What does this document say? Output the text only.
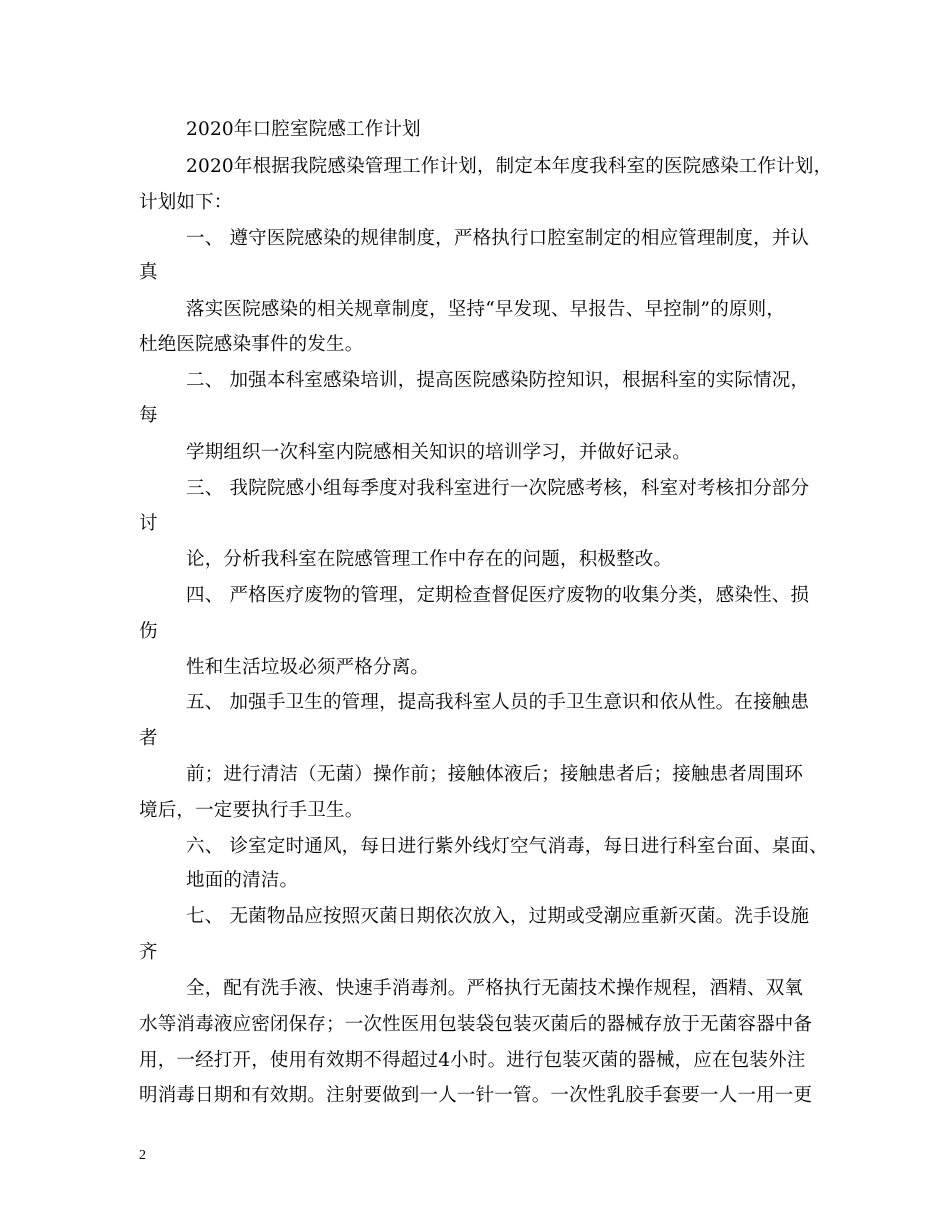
2020年口腔室院感工作计划
2020年根据我院感染管理工作计划，制定本年度我科室的医院感染工作计划，
计划如下：
一、 遵守医院感染的规律制度，严格执行口腔室制定的相应管理制度，并认
真
落实医院感染的相关规章制度，坚持“早发现、早报告、早控制”的原则，
杜绝医院感染事件的发生。
二、 加强本科室感染培训，提高医院感染防控知识，根据科室的实际情况，
每
学期组织一次科室内院感相关知识的培训学习，并做好记录。
三、 我院院感小组每季度对我科室进行一次院感考核，科室对考核扣分部分
讨
论，分析我科室在院感管理工作中存在的问题，积极整改。
四、 严格医疗废物的管理，定期检查督促医疗废物的收集分类，感染性、损
伤
性和生活垃圾必须严格分离。
五、 加强手卫生的管理，提高我科室人员的手卫生意识和依从性。在接触患
者
前；进行清洁（无菌）操作前；接触体液后；接触患者后；接触患者周围环
境后，一定要执行手卫生。
六、 诊室定时通风，每日进行紫外线灯空气消毒，每日进行科室台面、桌面、
地面的清洁。
七、 无菌物品应按照灭菌日期依次放入，过期或受潮应重新灭菌。洗手设施
齐
全，配有洗手液、快速手消毒剂。严格执行无菌技术操作规程，酒精、双氧
水等消毒液应密闭保存；一次性医用包装袋包装灭菌后的器械存放于无菌容器中备
用，一经打开，使用有效期不得超过4小时。进行包装灭菌的器械，应在包装外注
明消毒日期和有效期。注射要做到一人一针一管。一次性乳胶手套要一人一用一更
2
